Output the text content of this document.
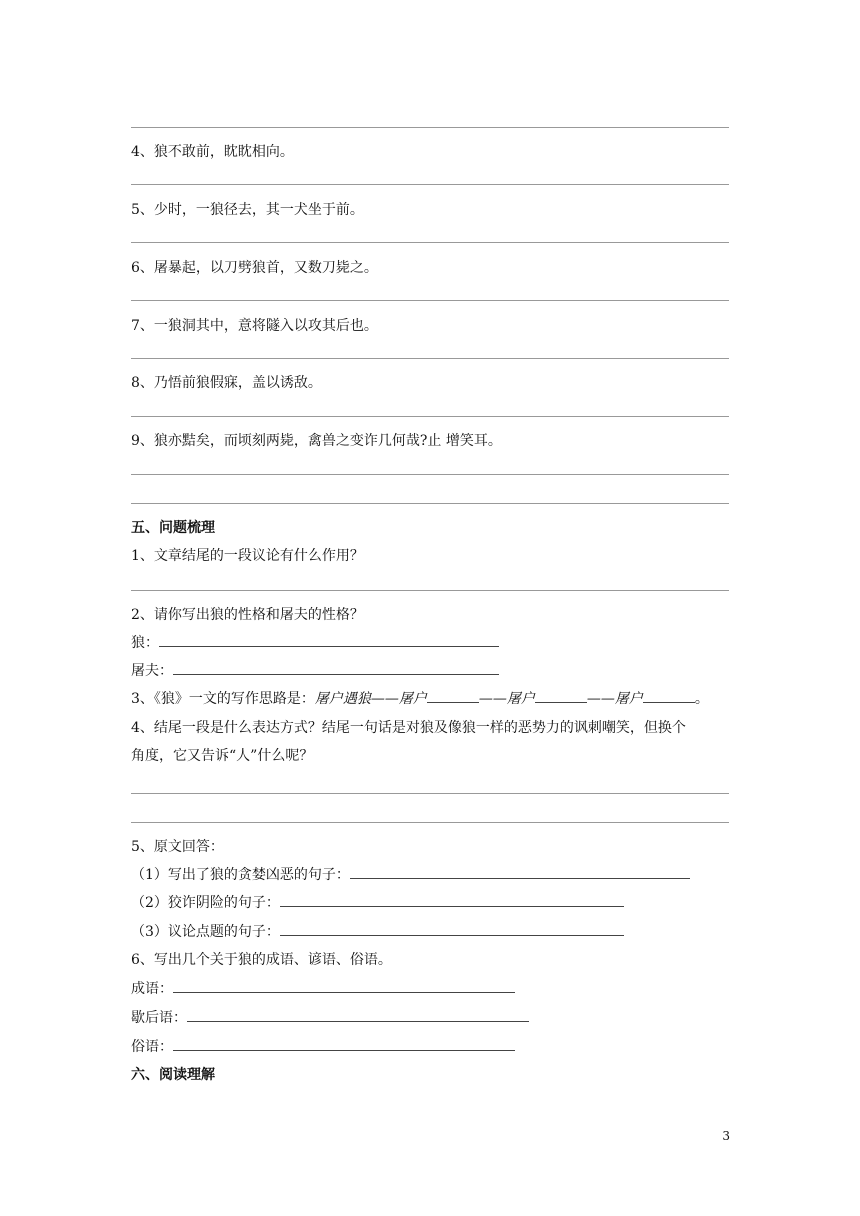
4、狼不敢前，眈眈相向。
5、少时，一狼径去，其一犬坐于前。
6、屠暴起，以刀劈狼首，又数刀毙之。
7、一狼洞其中，意将隧入以攻其后也。
8、乃悟前狼假寐，盖以诱敌。
9、狼亦黠矣，而顷刻两毙，禽兽之变诈几何哉?止 增笑耳。
五、问题梳理
1、文章结尾的一段议论有什么作用？
2、请你写出狼的性格和屠夫的性格？
狼：
屠夫：
3、《狼》一文的写作思路是：屠户遇狼——屠户	——屠户	——屠户	。
4、结尾一段是什么表达方式？结尾一句话是对狼及像狼一样的恶势力的讽刺嘲笑，但换个
角度，它又告诉“人”什么呢？
5、原文回答：
（1）写出了狼的贪婪凶恶的句子：
（2）狡诈阴险的句子：
（3）议论点题的句子：
6、写出几个关于狼的成语、谚语、俗语。
成语：
歇后语：
俗语：
六、阅读理解
3
